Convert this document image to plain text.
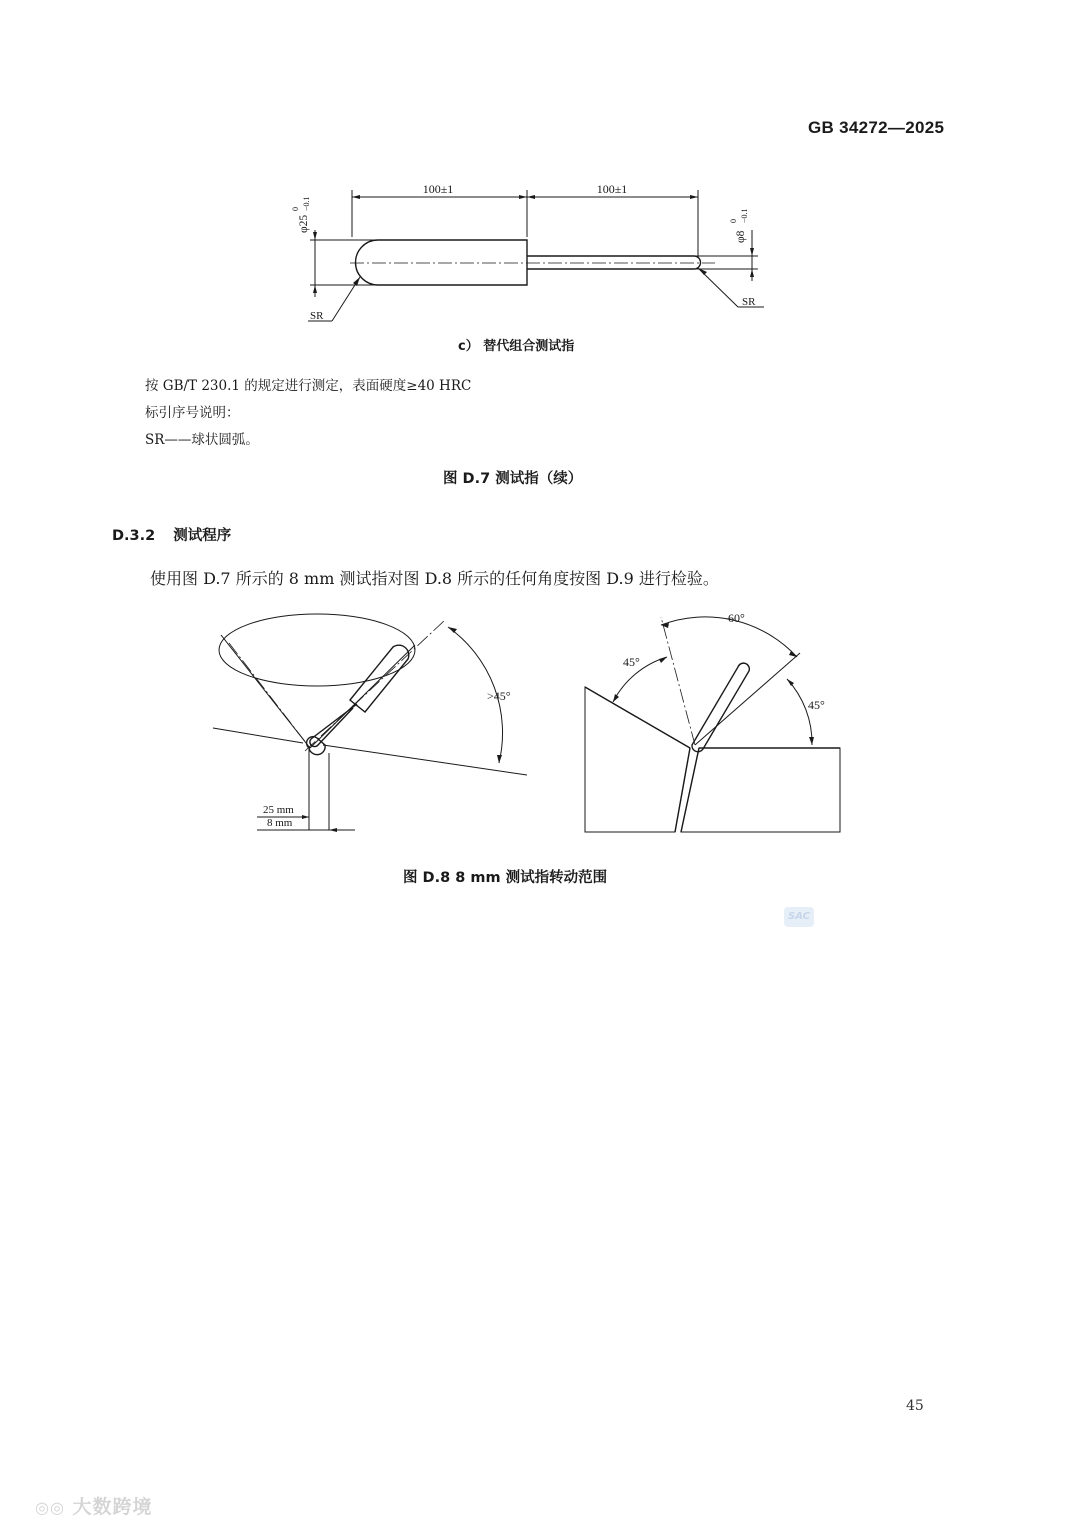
GB 34272—2025
100±1	100±1
φ25
0 −0.1
φ8
0 −0.1
SR
SR
c） 替代组合测试指
按 GB/T 230.1 的规定进行测定，表面硬度≥40 HRC
标引序号说明：
SR——球状圆弧。
图 D.7 测试指（续）
D.3.2 测试程序
使用图 D.7 所示的 8 mm 测试指对图 D.8 所示的任何角度按图 D.9 进行检验。
25 mm
8 mm
>45°
60°
45°
45°
图 D.8 8 mm 测试指转动范围
SAC
45
◎◎ 大数跨境
